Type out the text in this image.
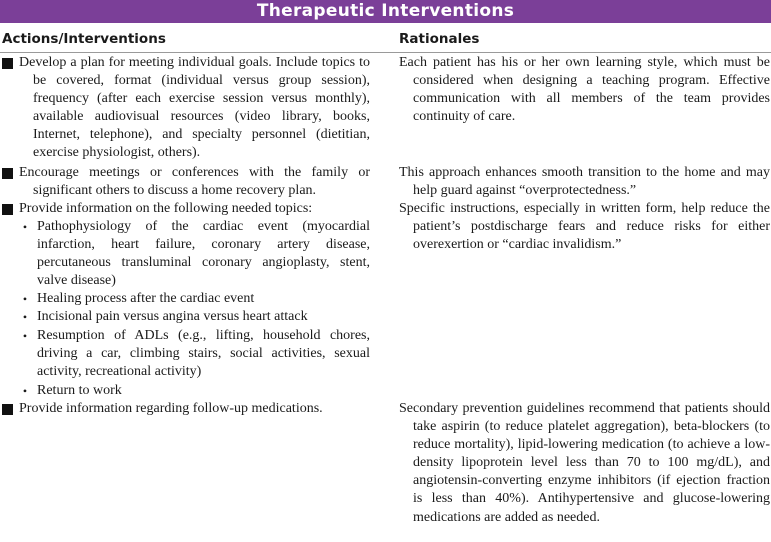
Therapeutic Interventions
Actions/Interventions	Rationales
Develop a plan for meeting individual goals. Include topics to be covered, format (individual versus group session), frequency (after each exercise session versus monthly), available audiovisual resources (video library, books, Internet, telephone), and specialty personnel (dietitian, exercise physiologist, others).
Encourage meetings or conferences with the family or significant others to discuss a home recovery plan.
Provide information on the following needed topics:
• Pathophysiology of the cardiac event (myocardial infarction, heart failure, coronary artery disease, percutaneous transluminal coronary angioplasty, stent, valve disease)
• Healing process after the cardiac event
• Incisional pain versus angina versus heart attack
• Resumption of ADLs (e.g., lifting, household chores, driving a car, climbing stairs, social activities, sexual activity, recreational activity)
• Return to work
Provide information regarding follow-up medications.
Each patient has his or her own learning style, which must be considered when designing a teaching program. Effective communication with all members of the team provides continuity of care.
This approach enhances smooth transition to the home and may help guard against “overprotectedness.”
Specific instructions, especially in written form, help reduce the patient’s postdischarge fears and reduce risks for either overexertion or “cardiac invalidism.”
Secondary prevention guidelines recommend that patients should take aspirin (to reduce platelet aggregation), beta-blockers (to reduce mortality), lipid-lowering medication (to achieve a low-density lipoprotein level less than 70 to 100 mg/dL), and angiotensin-converting enzyme inhibitors (if ejection fraction is less than 40%). Antihypertensive and glucose-lowering medications are added as needed.
